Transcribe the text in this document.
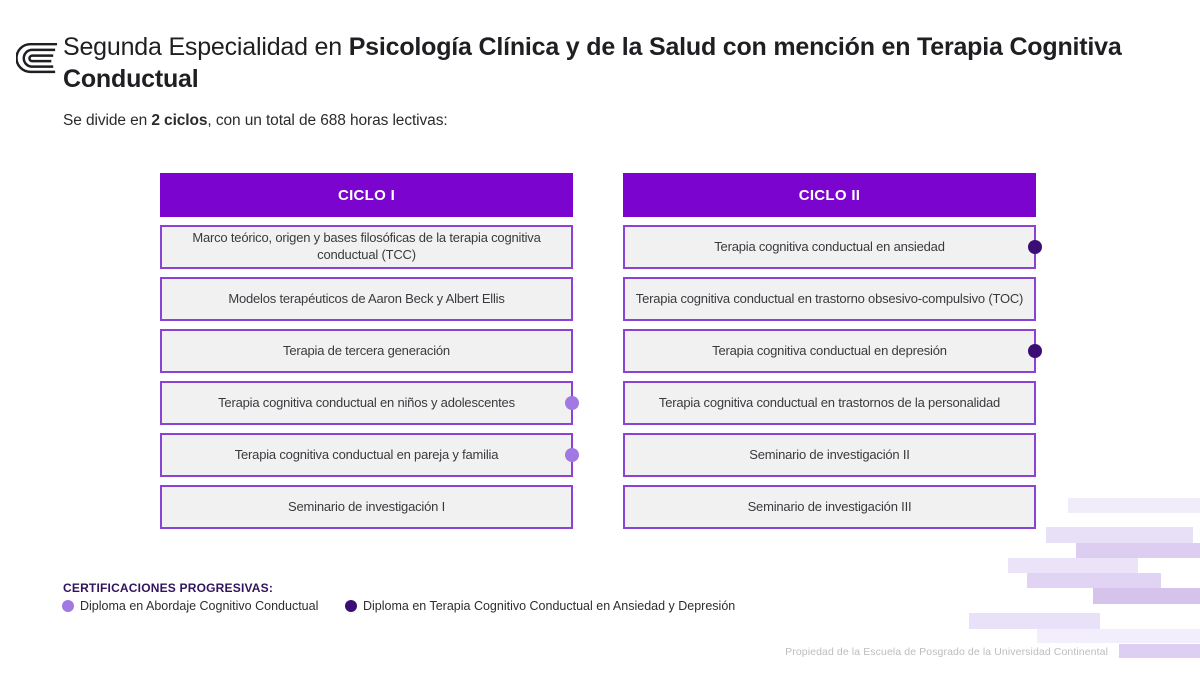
Segunda Especialidad en Psicología Clínica y de la Salud con mención en Terapia Cognitiva Conductual

Se divide en 2 ciclos, con un total de 688 horas lectivas:

CICLO I
Marco teórico, origen y bases filosóficas de la terapia cognitiva conductual (TCC)
Modelos terapéuticos de Aaron Beck y Albert Ellis
Terapia de tercera generación
Terapia cognitiva conductual en niños y adolescentes
Terapia cognitiva conductual en pareja y familia
Seminario de investigación I
CICLO II
Terapia cognitiva conductual en ansiedad
Terapia cognitiva conductual en trastorno obsesivo-compulsivo (TOC)
Terapia cognitiva conductual en depresión
Terapia cognitiva conductual en trastornos de la personalidad
Seminario de investigación II
Seminario de investigación III
CERTIFICACIONES PROGRESIVAS:
Diploma en Abordaje Cognitivo Conductual	Diploma en Terapia Cognitivo Conductual en Ansiedad y Depresión
Propiedad de la Escuela de Posgrado de la Universidad Continental
